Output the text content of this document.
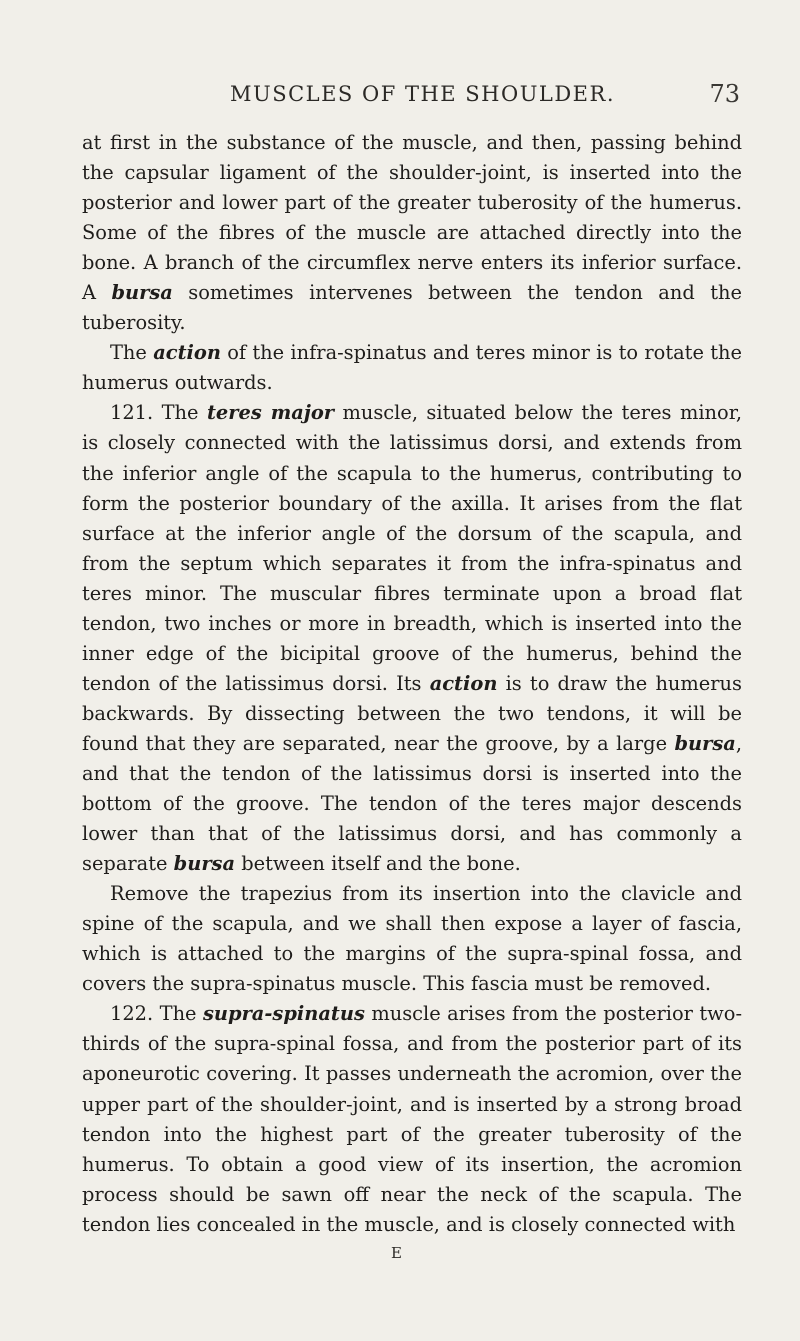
MUSCLES OF THE SHOULDER.	73

at first in the substance of the muscle, and then, passing behind the capsular ligament of the shoulder-joint, is inserted into the posterior and lower part of the greater tuberosity of the humerus. Some of the fibres of the muscle are attached directly into the bone. A branch of the circumflex nerve enters its inferior surface. A bursa sometimes intervenes between the tendon and the tuberosity.

The action of the infra-spinatus and teres minor is to rotate the humerus outwards.

121. The teres major muscle, situated below the teres minor, is closely connected with the latissimus dorsi, and extends from the inferior angle of the scapula to the humerus, contributing to form the posterior boundary of the axilla. It arises from the flat surface at the inferior angle of the dorsum of the scapula, and from the septum which separates it from the infra-spinatus and teres minor. The muscular fibres terminate upon a broad flat tendon, two inches or more in breadth, which is inserted into the inner edge of the bicipital groove of the humerus, behind the tendon of the latissimus dorsi. Its action is to draw the humerus backwards. By dissecting between the two tendons, it will be found that they are separated, near the groove, by a large bursa, and that the tendon of the latissimus dorsi is inserted into the bottom of the groove. The tendon of the teres major descends lower than that of the latissimus dorsi, and has commonly a separate bursa between itself and the bone.

Remove the trapezius from its insertion into the clavicle and spine of the scapula, and we shall then expose a layer of fascia, which is attached to the margins of the supra-spinal fossa, and covers the supra-spinatus muscle. This fascia must be removed.

122. The supra-spinatus muscle arises from the posterior two-thirds of the supra-spinal fossa, and from the posterior part of its aponeurotic covering. It passes underneath the acromion, over the upper part of the shoulder-joint, and is inserted by a strong broad tendon into the highest part of the greater tuberosity of the humerus. To obtain a good view of its insertion, the acromion process should be sawn off near the neck of the scapula. The tendon lies concealed in the muscle, and is closely connected with

E
